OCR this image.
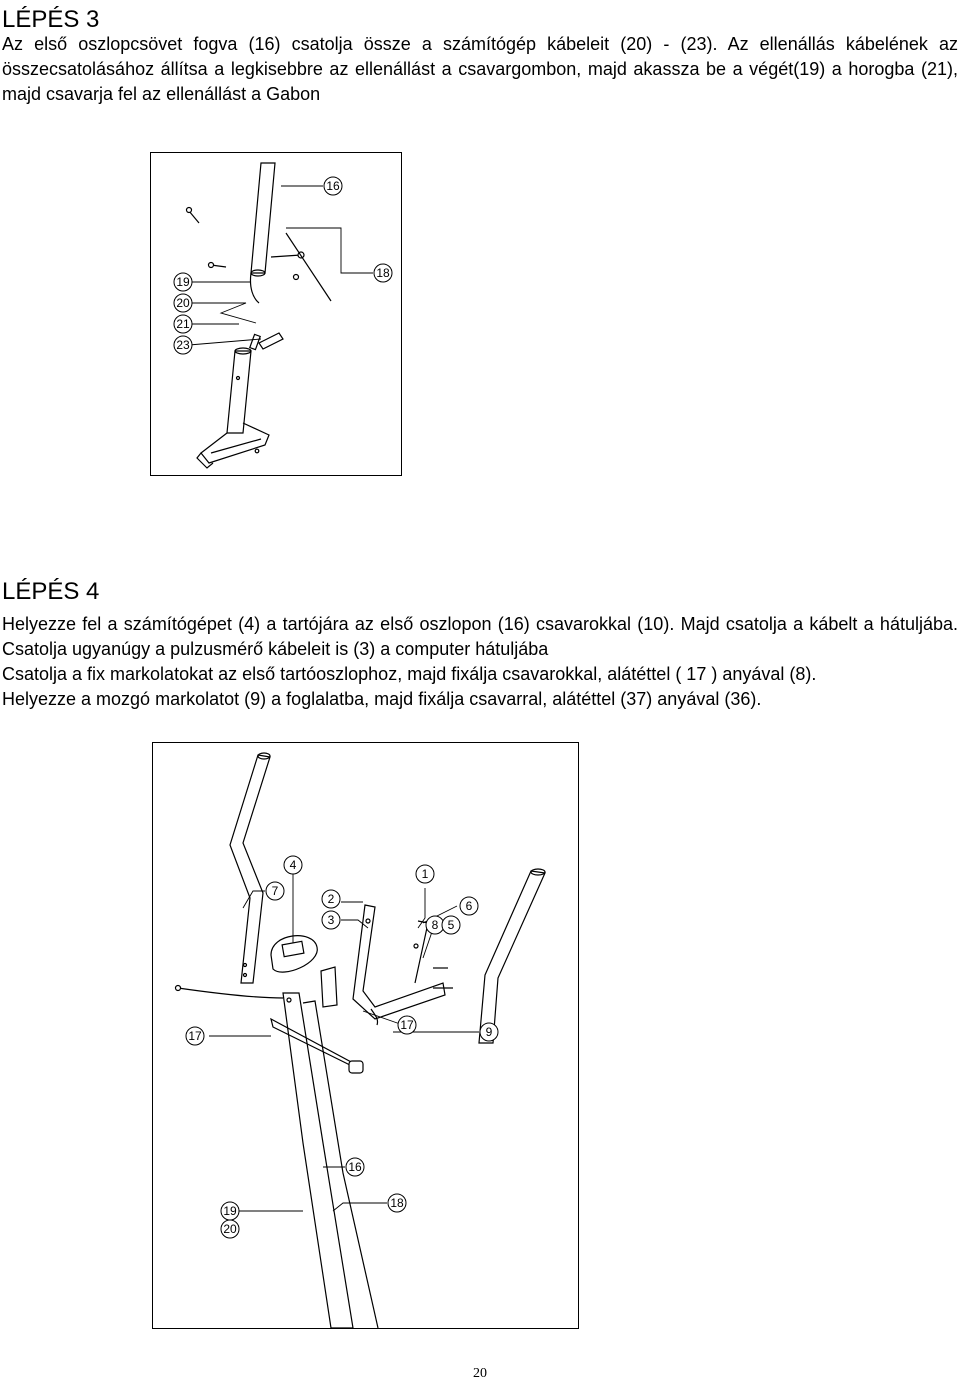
LÉPÉS 3

Az első oszlopcsövet fogva (16) csatolja össze a számítógép kábeleit (20) - (23). Az ellenállás kábelének az összecsatolásához állítsa a legkisebbre az ellenállást a csavargombon, majd akassza be a végét(19) a horogba (21), majd csavarja fel az ellenállást a Gabon

16
18
19
20
21
23
LÉPÉS 4
Helyezze fel a számítógépet (4) a tartójára az első oszlopon (16) csavarokkal (10). Majd csatolja a kábelt a hátuljába. Csatolja ugyanúgy a pulzusmérő kábeleit is (3) a computer hátuljába
Csatolja a fix markolatokat az első tartóoszlophoz, majd fixálja csavarokkal, alátéttel ( 17 ) anyával (8).
Helyezze a mozgó markolatot (9) a foglalatba, majd fixálja csavarral, alátéttel (37) anyával (36).
4
7
2
3
1
8 5
6
17
17	9
16
19
20
18
20
